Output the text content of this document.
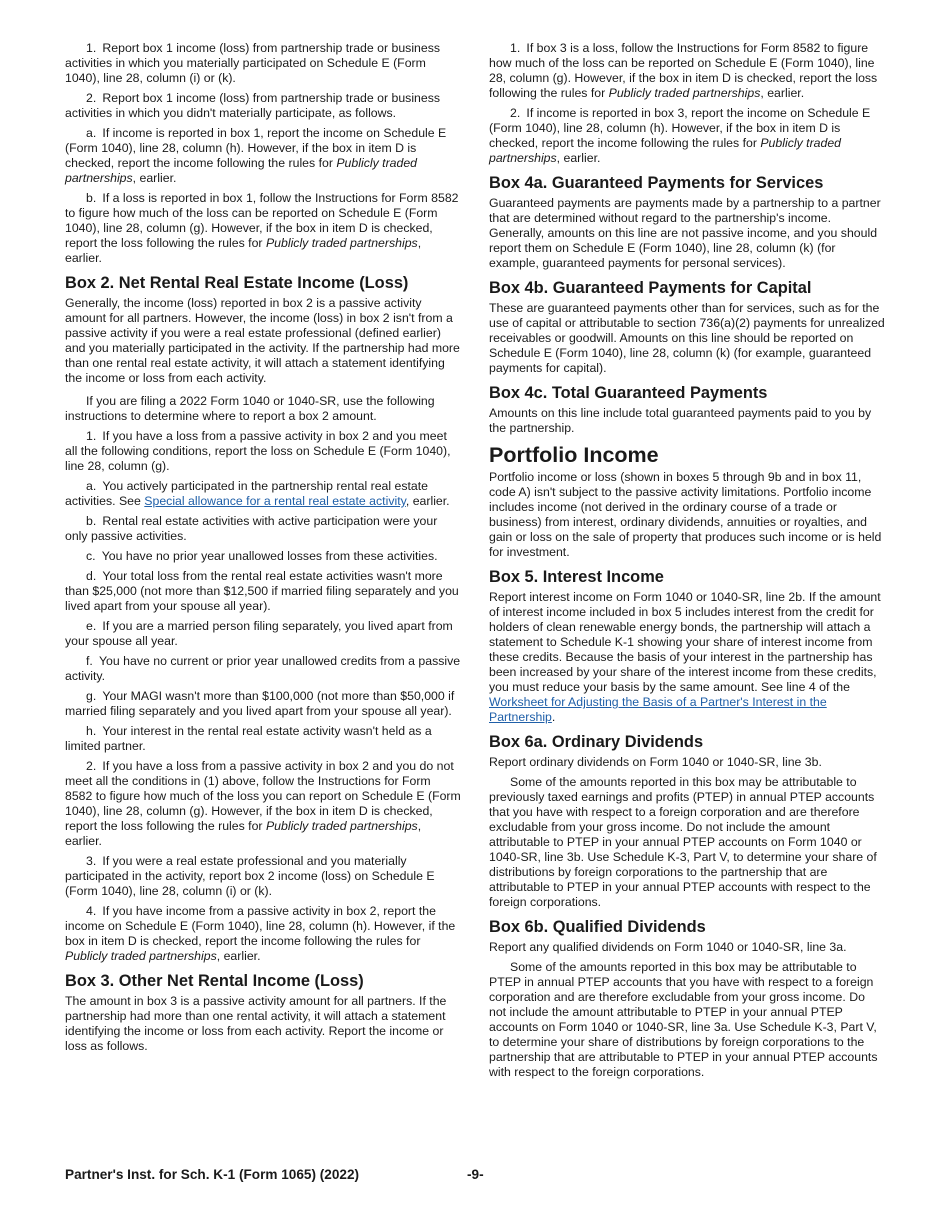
1. Report box 1 income (loss) from partnership trade or business activities in which you materially participated on Schedule E (Form 1040), line 28, column (i) or (k).

2. Report box 1 income (loss) from partnership trade or business activities in which you didn't materially participate, as follows.

a. If income is reported in box 1, report the income on Schedule E (Form 1040), line 28, column (h). However, if the box in item D is checked, report the income following the rules for Publicly traded partnerships, earlier.

b. If a loss is reported in box 1, follow the Instructions for Form 8582 to figure how much of the loss can be reported on Schedule E (Form 1040), line 28, column (g). However, if the box in item D is checked, report the loss following the rules for Publicly traded partnerships, earlier.

Box 2. Net Rental Real Estate Income (Loss)

Generally, the income (loss) reported in box 2 is a passive activity amount for all partners. However, the income (loss) in box 2 isn't from a passive activity if you were a real estate professional (defined earlier) and you materially participated in the activity. If the partnership had more than one rental real estate activity, it will attach a statement identifying the income or loss from each activity.

If you are filing a 2022 Form 1040 or 1040-SR, use the following instructions to determine where to report a box 2 amount.

1. If you have a loss from a passive activity in box 2 and you meet all the following conditions, report the loss on Schedule E (Form 1040), line 28, column (g).

a. You actively participated in the partnership rental real estate activities. See Special allowance for a rental real estate activity, earlier.

b. Rental real estate activities with active participation were your only passive activities.

c. You have no prior year unallowed losses from these activities.

d. Your total loss from the rental real estate activities wasn't more than $25,000 (not more than $12,500 if married filing separately and you lived apart from your spouse all year).

e. If you are a married person filing separately, you lived apart from your spouse all year.

f. You have no current or prior year unallowed credits from a passive activity.

g. Your MAGI wasn't more than $100,000 (not more than $50,000 if married filing separately and you lived apart from your spouse all year).

h. Your interest in the rental real estate activity wasn't held as a limited partner.

2. If you have a loss from a passive activity in box 2 and you do not meet all the conditions in (1) above, follow the Instructions for Form 8582 to figure how much of the loss you can report on Schedule E (Form 1040), line 28, column (g). However, if the box in item D is checked, report the loss following the rules for Publicly traded partnerships, earlier.

3. If you were a real estate professional and you materially participated in the activity, report box 2 income (loss) on Schedule E (Form 1040), line 28, column (i) or (k).

4. If you have income from a passive activity in box 2, report the income on Schedule E (Form 1040), line 28, column (h). However, if the box in item D is checked, report the income following the rules for Publicly traded partnerships, earlier.

Box 3. Other Net Rental Income (Loss)

The amount in box 3 is a passive activity amount for all partners. If the partnership had more than one rental activity, it will attach a statement identifying the income or loss from each activity. Report the income or loss as follows.

1. If box 3 is a loss, follow the Instructions for Form 8582 to figure how much of the loss can be reported on Schedule E (Form 1040), line 28, column (g). However, if the box in item D is checked, report the loss following the rules for Publicly traded partnerships, earlier.

2. If income is reported in box 3, report the income on Schedule E (Form 1040), line 28, column (h). However, if the box in item D is checked, report the income following the rules for Publicly traded partnerships, earlier.

Box 4a. Guaranteed Payments for Services

Guaranteed payments are payments made by a partnership to a partner that are determined without regard to the partnership's income. Generally, amounts on this line are not passive income, and you should report them on Schedule E (Form 1040), line 28, column (k) (for example, guaranteed payments for personal services).

Box 4b. Guaranteed Payments for Capital

These are guaranteed payments other than for services, such as for the use of capital or attributable to section 736(a)(2) payments for unrealized receivables or goodwill. Amounts on this line should be reported on Schedule E (Form 1040), line 28, column (k) (for example, guaranteed payments for capital).

Box 4c. Total Guaranteed Payments

Amounts on this line include total guaranteed payments paid to you by the partnership.

Portfolio Income

Portfolio income or loss (shown in boxes 5 through 9b and in box 11, code A) isn't subject to the passive activity limitations. Portfolio income includes income (not derived in the ordinary course of a trade or business) from interest, ordinary dividends, annuities or royalties, and gain or loss on the sale of property that produces such income or is held for investment.

Box 5. Interest Income

Report interest income on Form 1040 or 1040-SR, line 2b. If the amount of interest income included in box 5 includes interest from the credit for holders of clean renewable energy bonds, the partnership will attach a statement to Schedule K-1 showing your share of interest income from these credits. Because the basis of your interest in the partnership has been increased by your share of the interest income from these credits, you must reduce your basis by the same amount. See line 4 of the Worksheet for Adjusting the Basis of a Partner's Interest in the Partnership.

Box 6a. Ordinary Dividends

Report ordinary dividends on Form 1040 or 1040-SR, line 3b.

Some of the amounts reported in this box may be attributable to previously taxed earnings and profits (PTEP) in annual PTEP accounts that you have with respect to a foreign corporation and are therefore excludable from your gross income. Do not include the amount attributable to PTEP in your annual PTEP accounts on Form 1040 or 1040-SR, line 3b. Use Schedule K-3, Part V, to determine your share of distributions by foreign corporations to the partnership that are attributable to PTEP in your annual PTEP accounts with respect to the foreign corporations.

Box 6b. Qualified Dividends

Report any qualified dividends on Form 1040 or 1040-SR, line 3a.

Some of the amounts reported in this box may be attributable to PTEP in annual PTEP accounts that you have with respect to a foreign corporation and are therefore excludable from your gross income. Do not include the amount attributable to PTEP in your annual PTEP accounts on Form 1040 or 1040-SR, line 3a. Use Schedule K-3, Part V, to determine your share of distributions by foreign corporations to the partnership that are attributable to PTEP in your annual PTEP accounts with respect to the foreign corporations.

Partner's Inst. for Sch. K-1 (Form 1065) (2022)	-9-
